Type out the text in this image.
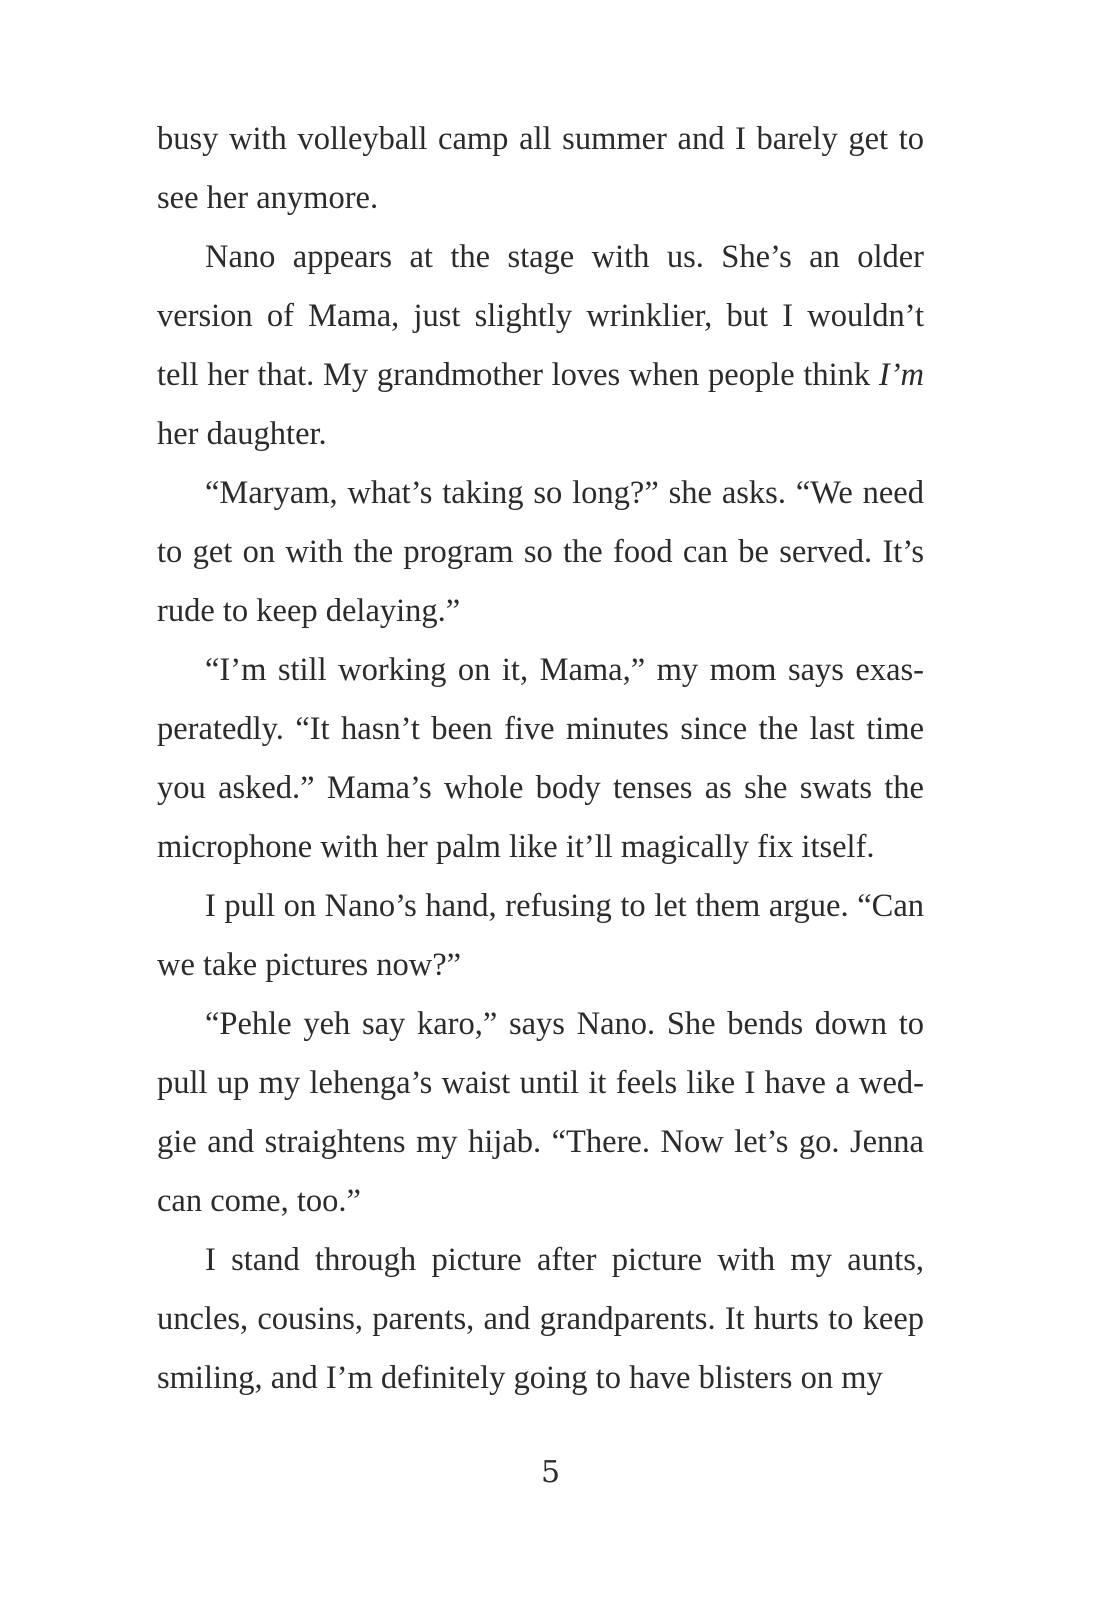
busy with volleyball camp all summer and I barely get to see her anymore.

Nano appears at the stage with us. She’s an older version of Mama, just slightly wrinklier, but I wouldn’t tell her that. My grandmother loves when people think I’m her daughter.

“Maryam, what’s taking so long?” she asks. “We need to get on with the program so the food can be served. It’s rude to keep delaying.”

“I’m still working on it, Mama,” my mom says exasperatedly. “It hasn’t been five minutes since the last time you asked.” Mama’s whole body tenses as she swats the microphone with her palm like it’ll magically fix itself.

I pull on Nano’s hand, refusing to let them argue. “Can we take pictures now?”

“Pehle yeh say karo,” says Nano. She bends down to pull up my lehenga’s waist until it feels like I have a wedgie and straightens my hijab. “There. Now let’s go. Jenna can come, too.”

I stand through picture after picture with my aunts, uncles, cousins, parents, and grandparents. It hurts to keep smiling, and I’m definitely going to have blisters on my

5
